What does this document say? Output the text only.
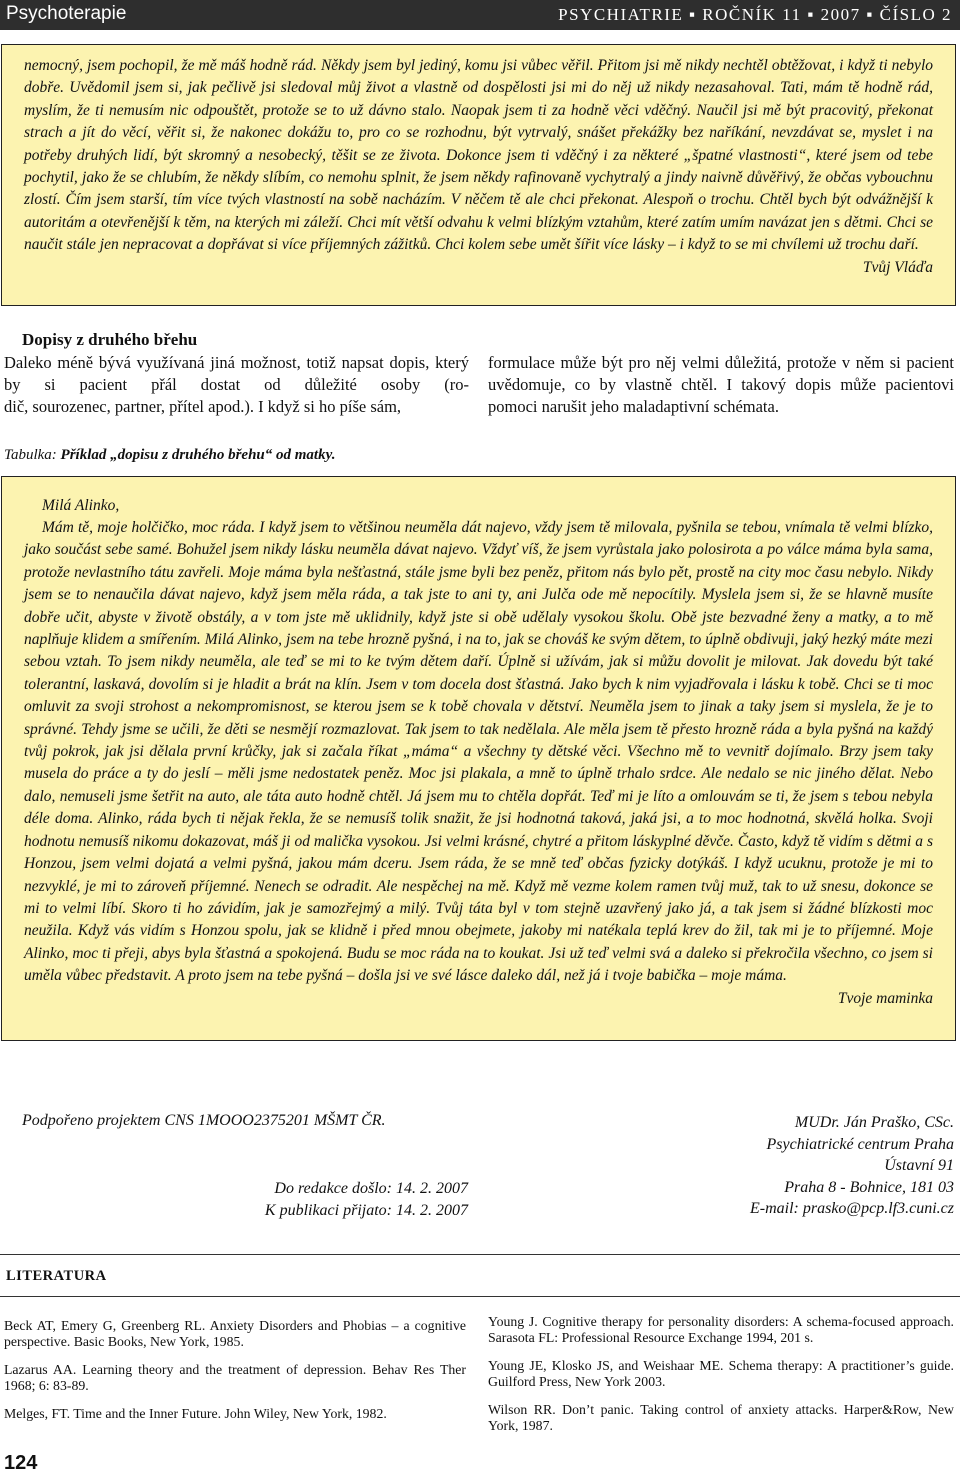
Psychoterapie	PSYCHIATRIE ▪ ROČNÍK 11 ▪ 2007 ▪ ČÍSLO 2

nemocný, jsem pochopil, že mě máš hodně rád. Někdy jsem byl jediný, komu jsi vůbec věřil. Přitom jsi mě nikdy nechtěl obtěžovat, i když ti nebylo dobře. Uvědomil jsem si, jak pečlivě jsi sledoval můj život a vlastně od dospělosti jsi mi do něj už nikdy nezasahoval. Tati, mám tě hodně rád, myslím, že ti nemusím nic odpouštět, protože se to už dávno stalo. Naopak jsem ti za hodně věci vděčný. Naučil jsi mě být pracovitý, překonat strach a jít do věcí, věřit si, že nakonec dokážu to, pro co se rozhodnu, být vytrvalý, snášet překážky bez naříkání, nevzdávat se, myslet i na potřeby druhých lidí, být skromný a nesobecký, těšit se ze života. Dokonce jsem ti vděčný i za některé „špatné vlastnosti“, které jsem od tebe pochytil, jako že se chlubím, že někdy slíbím, co nemohu splnit, že jsem někdy rafinovaně vychytralý a jindy naivně důvěřivý, že občas vybouchnu zlostí. Čím jsem starší, tím více tvých vlastností na sobě nacházím. V něčem tě ale chci překonat. Alespoň o trochu. Chtěl bych být odvážnější k autoritám a otevřenější k těm, na kterých mi záleží. Chci mít větší odvahu k velmi blízkým vztahům, které zatím umím navázat jen s dětmi. Chci se naučit stále jen nepracovat a dopřávat si více příjemných zážitků. Chci kolem sebe umět šířit více lásky – i když to se mi chvílemi už trochu daří.

Tvůj Vláďa
Dopisy z druhého břehu
Daleko méně bývá využívaná jiná možnost, totiž napsat dopis, který by si pacient přál dostat od důležité osoby (ro-
dič, sourozenec, partner, přítel apod.). I když si ho píše sám,
formulace může být pro něj velmi důležitá, protože v něm si pacient uvědomuje, co by vlastně chtěl. I takový dopis může pacientovi pomoci narušit jeho maladaptivní schémata.
Tabulka: Příklad „dopisu z druhého břehu“ od matky.
Milá Alinko,

Mám tě, moje holčičko, moc ráda. I když jsem to většinou neuměla dát najevo, vždy jsem tě milovala, pyšnila se tebou, vnímala tě velmi blízko, jako součást sebe samé. Bohužel jsem nikdy lásku neuměla dávat najevo. Vždyť víš, že jsem vyrůstala jako polosirota a po válce máma byla sama, protože nevlastního tátu zavřeli. Moje máma byla nešťastná, stále jsme byli bez peněz, přitom nás bylo pět, prostě na city moc času nebylo. Nikdy jsem se to nenaučila dávat najevo, když jsem měla ráda, a tak jste to ani ty, ani Julča ode mě nepocítily. Myslela jsem si, že se hlavně musíte dobře učit, abyste v životě obstály, a v tom jste mě uklidnily, když jste si obě udělaly vysokou školu. Obě jste bezvadné ženy a matky, a to mě naplňuje klidem a smířením. Milá Alinko, jsem na tebe hrozně pyšná, i na to, jak se chováš ke svým dětem, to úplně obdivuji, jaký hezký máte mezi sebou vztah. To jsem nikdy neuměla, ale teď se mi to ke tvým dětem daří. Úplně si užívám, jak si můžu dovolit je milovat. Jak dovedu být také tolerantní, laskavá, dovolím si je hladit a brát na klín. Jsem v tom docela dost šťastná. Jako bych k nim vyjadřovala i lásku k tobě. Chci se ti moc omluvit za svoji strohost a nekompromisnost, se kterou jsem se k tobě chovala v dětství. Neuměla jsem to jinak a taky jsem si myslela, že je to správné. Tehdy jsme se učili, že děti se nesmějí rozmazlovat. Tak jsem to tak nedělala. Ale měla jsem tě přesto hrozně ráda a byla pyšná na každý tvůj pokrok, jak jsi dělala první krůčky, jak si začala říkat „máma“ a všechny ty dětské věci. Všechno mě to vevnitř dojímalo. Brzy jsem taky musela do práce a ty do jeslí – měli jsme nedostatek peněz. Moc jsi plakala, a mně to úplně trhalo srdce. Ale nedalo se nic jiného dělat. Nebo dalo, nemuseli jsme šetřit na auto, ale táta auto hodně chtěl. Já jsem mu to chtěla dopřát. Teď mi je líto a omlouvám se ti, že jsem s tebou nebyla déle doma. Alinko, ráda bych ti nějak řekla, že se nemusíš tolik snažit, že jsi hodnotná taková, jaká jsi, a to moc hodnotná, skvělá holka. Svoji hodnotu nemusíš nikomu dokazovat, máš ji od malička vysokou. Jsi velmi krásné, chytré a přitom láskyplné děvče. Často, když tě vidím s dětmi a s Honzou, jsem velmi dojatá a velmi pyšná, jakou mám dceru. Jsem ráda, že se mně teď občas fyzicky dotýkáš. I když ucuknu, protože je mi to nezvyklé, je mi to zároveň příjemné. Nenech se odradit. Ale nespěchej na mě. Když mě vezme kolem ramen tvůj muž, tak to už snesu, dokonce se mi to velmi líbí. Skoro ti ho závidím, jak je samozřejmý a milý. Tvůj táta byl v tom stejně uzavřený jako já, a tak jsem si žádné blízkosti moc neužila. Když vás vidím s Honzou spolu, jak se klidně i před mnou obejmete, jakoby mi natékala teplá krev do žil, tak mi je to příjemné. Moje Alinko, moc ti přeji, abys byla šťastná a spokojená. Budu se moc ráda na to koukat. Jsi už teď velmi svá a daleko si překročila všechno, co jsem si uměla vůbec představit. A proto jsem na tebe pyšná – došla jsi ve své lásce daleko dál, než já i tvoje babička – moje máma.

Tvoje maminka
Podpořeno projektem CNS 1MOOO2375201 MŠMT ČR.
Do redakce došlo: 14. 2. 2007
K publikaci přijato: 14. 2. 2007
MUDr. Ján Praško, CSc.
Psychiatrické centrum Praha
Ústavní 91
Praha 8 - Bohnice, 181 03
E-mail: prasko@pcp.lf3.cuni.cz
LITERATURA

Beck AT, Emery G, Greenberg RL. Anxiety Disorders and Phobias – a cognitive perspective. Basic Books, New York, 1985.

Lazarus AA. Learning theory and the treatment of depression. Behav Res Ther 1968; 6: 83-89.

Melges, FT. Time and the Inner Future. John Wiley, New York, 1982.

Young J. Cognitive therapy for personality disorders: A schema-focused approach. Sarasota FL: Professional Resource Exchange 1994, 201 s.

Young JE, Klosko JS, and Weishaar ME. Schema therapy: A practitioner’s guide. Guilford Press, New York 2003.

Wilson RR. Don’t panic. Taking control of anxiety attacks. Harper&Row, New York, 1987.

124
